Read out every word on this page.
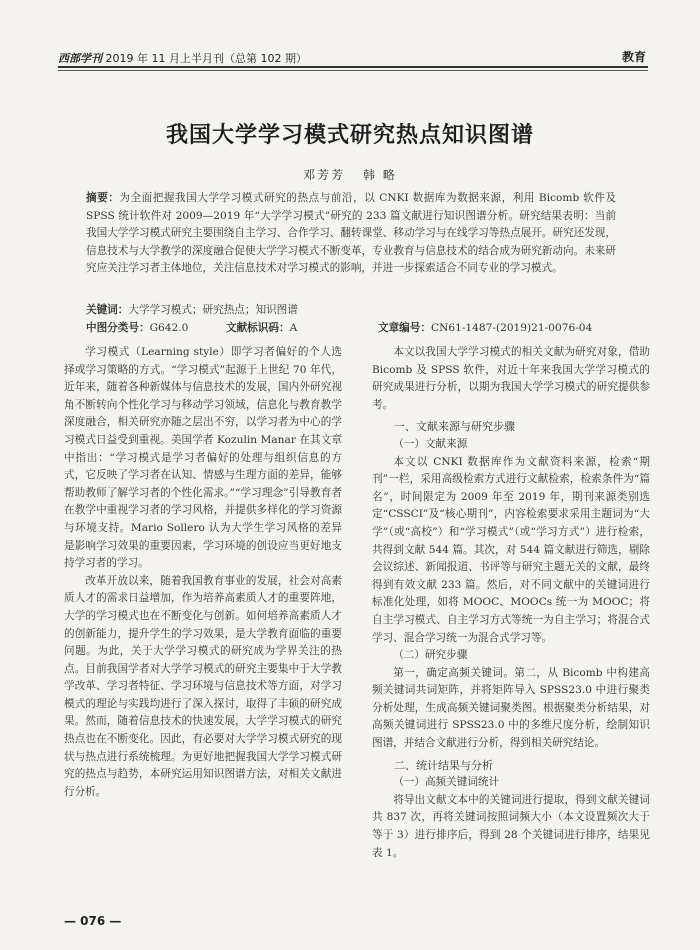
西部学刊 2019 年 11 月上半月刊（总第 102 期）	教育
我国大学学习模式研究热点知识图谱
邓芳芳 韩 略
摘要：为全面把握我国大学学习模式研究的热点与前沿，以 CNKI 数据库为数据来源，利用 Bicomb 软件及 SPSS 统计软件对 2009—2019 年“大学学习模式”研究的 233 篇文献进行知识图谱分析。研究结果表明：当前我国大学学习模式研究主要围绕自主学习、合作学习、翻转课堂、移动学习与在线学习等热点展开。研究还发现，信息技术与大学教学的深度融合促使大学学习模式不断变革，专业教育与信息技术的结合成为研究新动向。未来研究应关注学习者主体地位，关注信息技术对学习模式的影响，并进一步探索适合不同专业的学习模式。
关键词：大学学习模式；研究热点；知识图谱
中图分类号：G642.0	文献标识码：A	文章编号：CN61-1487-(2019)21-0076-04

学习模式（Learning style）即学习者偏好的个人选择或学习策略的方式。“学习模式”起源于上世纪 70 年代，近年来，随着各种新媒体与信息技术的发展，国内外研究视角不断转向个性化学习与移动学习领域，信息化与教育教学深度融合，相关研究亦随之层出不穷，以学习者为中心的学习模式日益受到重视。美国学者 Kozulin Manar 在其文章中指出：“学习模式是学习者偏好的处理与组织信息的方式，它反映了学习者在认知、情感与生理方面的差异，能够帮助教师了解学习者的个性化需求。”“学习理念”引导教育者在教学中重视学习者的学习风格，并提供多样化的学习资源与环境支持。Mario Sollero 认为大学生学习风格的差异是影响学习效果的重要因素，学习环境的创设应当更好地支持学习者的学习。

改革开放以来，随着我国教育事业的发展，社会对高素质人才的需求日益增加，作为培养高素质人才的重要阵地，大学的学习模式也在不断变化与创新。如何培养高素质人才的创新能力，提升学生的学习效果，是大学教育面临的重要问题。为此，关于大学学习模式的研究成为学界关注的热点。目前我国学者对大学学习模式的研究主要集中于大学教学改革、学习者特征、学习环境与信息技术等方面，对学习模式的理论与实践均进行了深入探讨，取得了丰硕的研究成果。然而，随着信息技术的快速发展，大学学习模式的研究热点也在不断变化。因此，有必要对大学学习模式研究的现状与热点进行系统梳理。为更好地把握我国大学学习模式研究的热点与趋势，本研究运用知识图谱方法，对相关文献进行分析。

本文以我国大学学习模式的相关文献为研究对象，借助 Bicomb 及 SPSS 软件，对近十年来我国大学学习模式的研究成果进行分析，以期为我国大学学习模式的研究提供参考。

一、文献来源与研究步骤
（一）文献来源

本文以 CNKI 数据库作为文献资料来源，检索“期刊”一栏，采用高级检索方式进行文献检索，检索条件为“篇名”，时间限定为 2009 年至 2019 年，期刊来源类别选定“CSSCI”及“核心期刊”，内容检索要求采用主题词为“大学”（或“高校”）和“学习模式”（或“学习方式”）进行检索，共得到文献 544 篇。其次，对 544 篇文献进行筛选，剔除会议综述、新闻报道、书评等与研究主题无关的文献，最终得到有效文献 233 篇。然后，对不同文献中的关键词进行标准化处理，如将 MOOC、MOOCs 统一为 MOOC；将自主学习模式、自主学习方式等统一为自主学习；将混合式学习、混合学习统一为混合式学习等。

（二）研究步骤

第一，确定高频关键词。第二，从 Bicomb 中构建高频关键词共词矩阵，并将矩阵导入 SPSS23.0 中进行聚类分析处理，生成高频关键词聚类图。根据聚类分析结果，对高频关键词进行 SPSS23.0 中的多维尺度分析，绘制知识图谱，并结合文献进行分析，得到相关研究结论。

二、统计结果与分析
（一）高频关键词统计

将导出文献文本中的关键词进行提取，得到文献关键词共 837 次，再将关键词按照词频大小（本文设置频次大于等于 3）进行排序后，得到 28 个关键词进行排序，结果见表 1。

— 076 —
